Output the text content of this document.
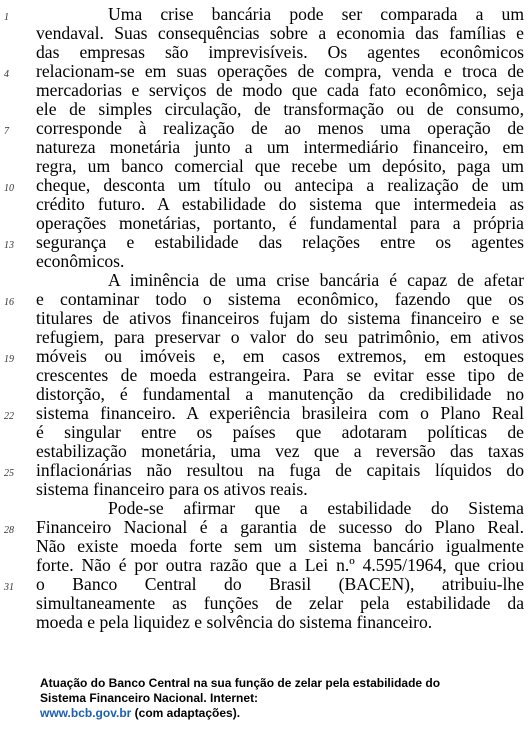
1
4
7
10
13
16
19
22
25
28
31
Uma crise bancária pode ser comparada a um
vendaval. Suas consequências sobre a economia das famílias e
das empresas são imprevisíveis. Os agentes econômicos
relacionam-se em suas operações de compra, venda e troca de
mercadorias e serviços de modo que cada fato econômico, seja
ele de simples circulação, de transformação ou de consumo,
corresponde à realização de ao menos uma operação de
natureza monetária junto a um intermediário financeiro, em
regra, um banco comercial que recebe um depósito, paga um
cheque, desconta um título ou antecipa a realização de um
crédito futuro. A estabilidade do sistema que intermedeia as
operações monetárias, portanto, é fundamental para a própria
segurança e estabilidade das relações entre os agentes
econômicos.
A iminência de uma crise bancária é capaz de afetar
e contaminar todo o sistema econômico, fazendo que os
titulares de ativos financeiros fujam do sistema financeiro e se
refugiem, para preservar o valor do seu patrimônio, em ativos
móveis ou imóveis e, em casos extremos, em estoques
crescentes de moeda estrangeira. Para se evitar esse tipo de
distorção, é fundamental a manutenção da credibilidade no
sistema financeiro. A experiência brasileira com o Plano Real
é singular entre os países que adotaram políticas de
estabilização monetária, uma vez que a reversão das taxas
inflacionárias não resultou na fuga de capitais líquidos do
sistema financeiro para os ativos reais.
Pode-se afirmar que a estabilidade do Sistema
Financeiro Nacional é a garantia de sucesso do Plano Real.
Não existe moeda forte sem um sistema bancário igualmente
forte. Não é por outra razão que a Lei n.º 4.595/1964, que criou
o Banco Central do Brasil (BACEN), atribuiu-lhe
simultaneamente as funções de zelar pela estabilidade da
moeda e pela liquidez e solvência do sistema financeiro.
Atuação do Banco Central na sua função de zelar pela estabilidade do
Sistema Financeiro Nacional. Internet:
www.bcb.gov.br (com adaptações).
